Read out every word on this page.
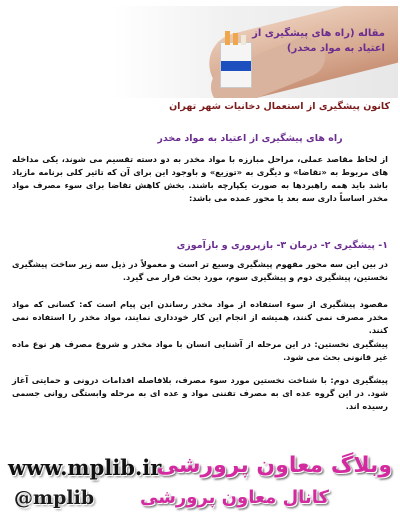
مقاله (راه های پیشگیری از
اعتیاد به مواد مخدر)
کانون پیشگیری از استعمال دخانیات شهر تهران
راه های پیشگیری از اعتیاد به مواد مخدر

از لحاظ مقاصد عملی، مراحل مبارزه با مواد مخدر به دو دسته تقسیم می شوند، یکی مداخله های مربوط به «تقاضا» و دیگری به «توزیع» و باوجود این برای آن که تاثیر کلی برنامه مازیاد باشد باید همه راهبردها به صورت یکپارچه باشند. بخش کاهش تقاضا برای سوء مصرف مواد مخدر اساساً داری سه بعد یا محور عمده می باشد:

۱- پیشگیری ۲- درمان ۳- بازپروری و بازآموزی

در بین این سه محور مفهوم پیشگیری وسیع تر است و معمولاً در ذیل سه زیر ساخت پیشگیری نخستین، پیشگیری دوم و پیشگیری سوم، مورد بحث قرار می گیرد.

مقصود پیشگیری از سوء استفاده از مواد مخدر رساندن این پیام است که: کسانی که مواد مخدر مصرف نمی کنند، همیشه از انجام این کار خودداری نمایند، مواد مخدر را استفاده نمی کنند.

پیشگیری نخستین: در این مرحله از آشنایی انسان با مواد مخدر و شروع مصرف هر نوع ماده غیر قانونی بحث می شود.

پیشگیری دوم: با شناخت نخستین مورد سوء مصرف، بلافاصله اقدامات درونی و حمایتی آغاز شود. در این گروه عده ای به مصرف تفننی مواد و عده ای به مرحله وابستگی روانی جسمی رسیده اند.

www.mplib.ir
وبلاگ معاون پرورشی
@mplib	کانال معاون پرورشی
